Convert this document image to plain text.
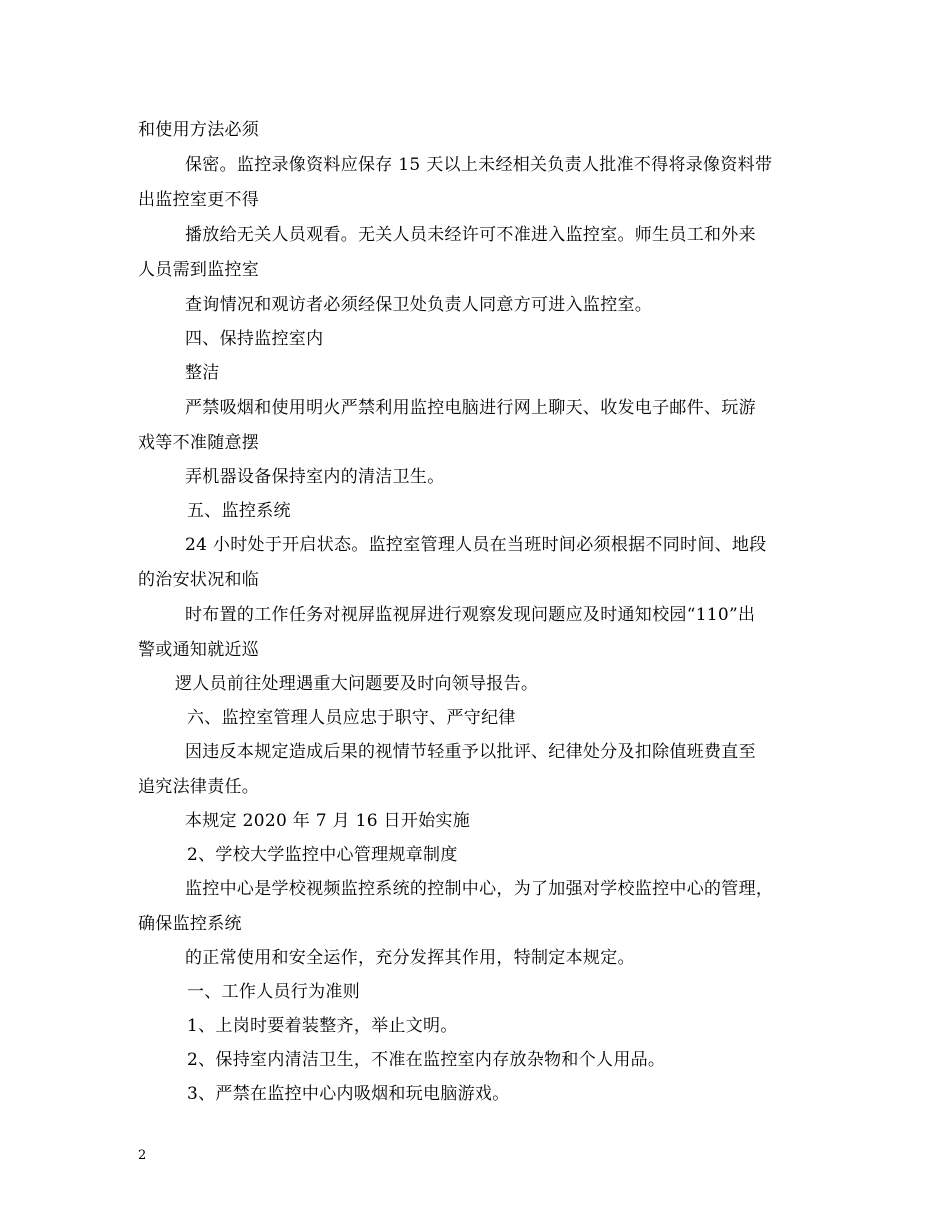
和使用方法必须
保密。监控录像资料应保存 15 天以上未经相关负责人批准不得将录像资料带
出监控室更不得
播放给无关人员观看。无关人员未经许可不准进入监控室。师生员工和外来
人员需到监控室
查询情况和观访者必须经保卫处负责人同意方可进入监控室。
四、保持监控室内
整洁
严禁吸烟和使用明火严禁利用监控电脑进行网上聊天、收发电子邮件、玩游
戏等不准随意摆
弄机器设备保持室内的清洁卫生。
五、监控系统
24 小时处于开启状态。监控室管理人员在当班时间必须根据不同时间、地段
的治安状况和临
时布置的工作任务对视屏监视屏进行观察发现问题应及时通知校园“110”出
警或通知就近巡
逻人员前往处理遇重大问题要及时向领导报告。
六、监控室管理人员应忠于职守、严守纪律
因违反本规定造成后果的视情节轻重予以批评、纪律处分及扣除值班费直至
追究法律责任。
本规定 2020 年 7 月 16 日开始实施
2、学校大学监控中心管理规章制度
监控中心是学校视频监控系统的控制中心，为了加强对学校监控中心的管理，
确保监控系统
的正常使用和安全运作，充分发挥其作用，特制定本规定。
一、工作人员行为准则
1、上岗时要着装整齐，举止文明。
2、保持室内清洁卫生，不准在监控室内存放杂物和个人用品。
3、严禁在监控中心内吸烟和玩电脑游戏。
2
